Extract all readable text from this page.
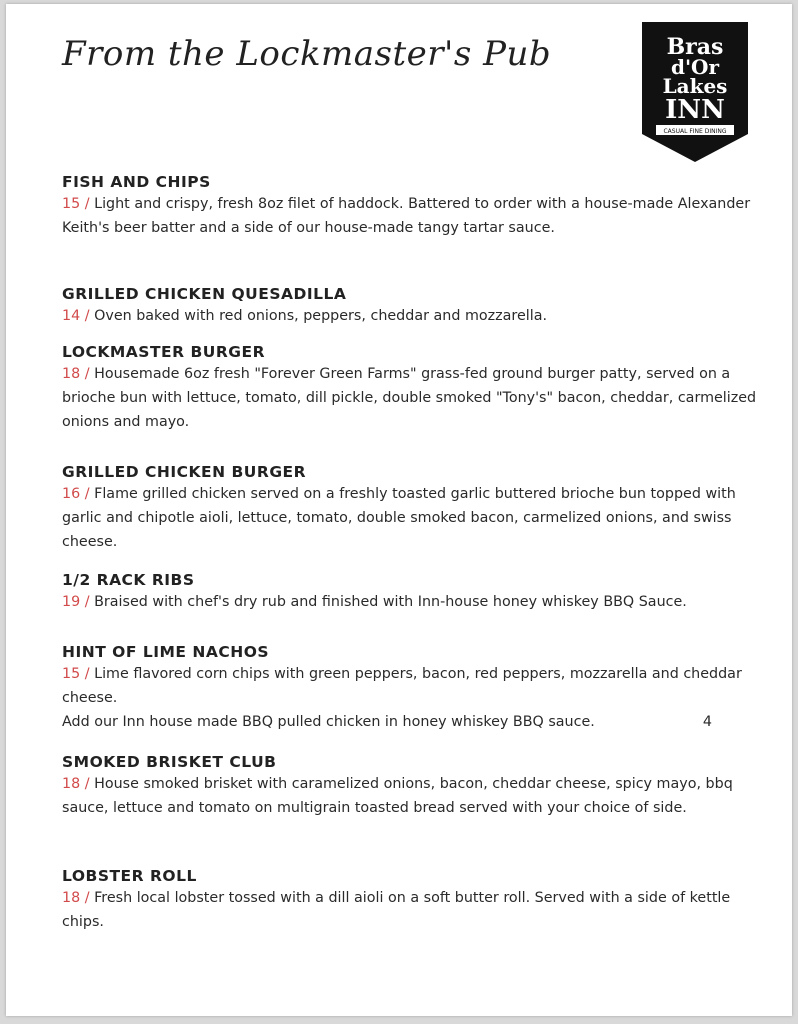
From the Lockmaster's Pub	Bras
d'Or
Lakes
INN
CASUAL FINE DINING
FISH AND CHIPS
15 / Light and crispy, fresh 8oz filet of haddock. Battered to order with a house-made Alexander Keith's beer batter and a side of our house-made tangy tartar sauce.
GRILLED CHICKEN QUESADILLA
14 / Oven baked with red onions, peppers, cheddar and mozzarella.
LOCKMASTER BURGER
18 / Housemade 6oz fresh "Forever Green Farms" grass-fed ground burger patty, served on a brioche bun with lettuce, tomato, dill pickle, double smoked "Tony's" bacon, cheddar, carmelized onions and mayo.
GRILLED CHICKEN BURGER
16 / Flame grilled chicken served on a freshly toasted garlic buttered brioche bun topped with garlic and chipotle aioli, lettuce, tomato, double smoked bacon, carmelized onions, and swiss cheese.
1/2 RACK RIBS
19 / Braised with chef's dry rub and finished with Inn-house honey whiskey BBQ Sauce.
HINT OF LIME NACHOS
15 / Lime flavored corn chips with green peppers, bacon, red peppers, mozzarella and cheddar cheese.
Add our Inn house made BBQ pulled chicken in honey whiskey BBQ sauce.	4
SMOKED BRISKET CLUB
18 / House smoked brisket with caramelized onions, bacon, cheddar cheese, spicy mayo, bbq sauce, lettuce and tomato on multigrain toasted bread served with your choice of side.
LOBSTER ROLL
18 / Fresh local lobster tossed with a dill aioli on a soft butter roll. Served with a side of kettle chips.
